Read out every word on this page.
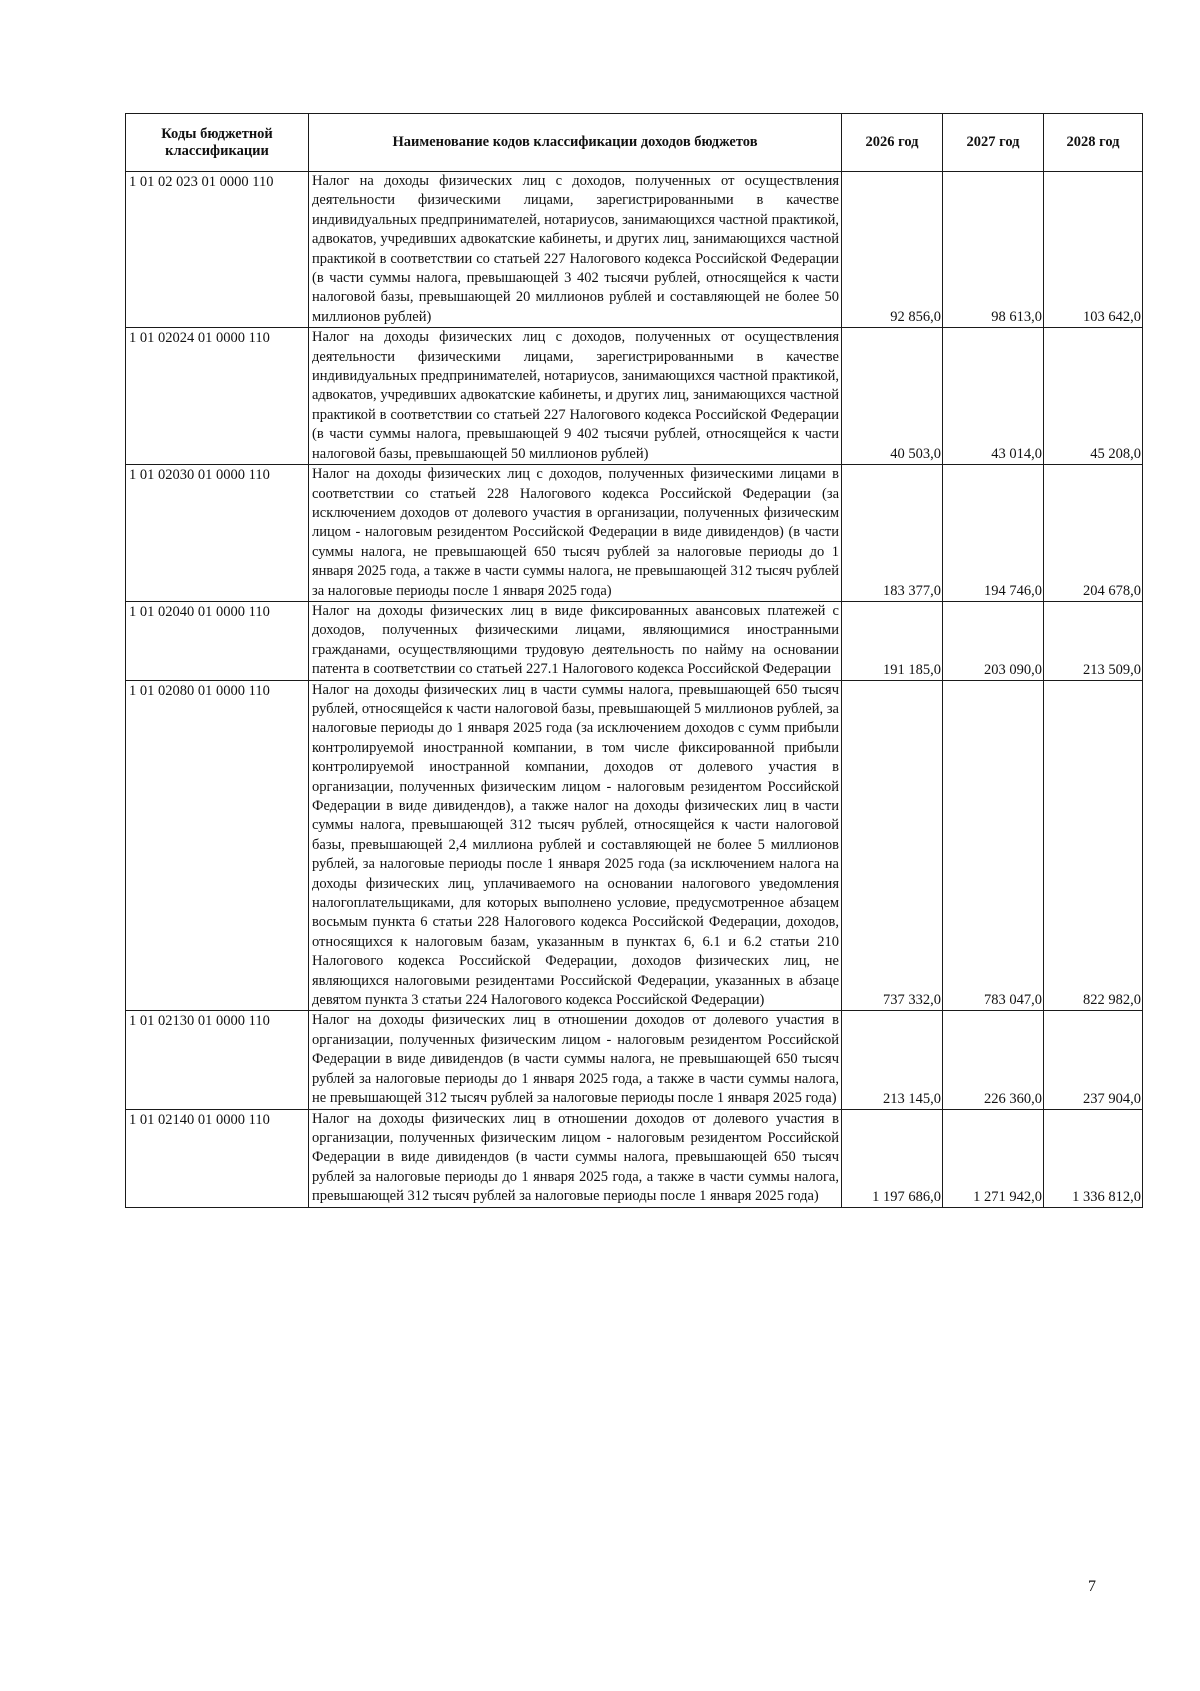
Коды бюджетной классификации	Наименование кодов классификации доходов бюджетов	2026 год	2027 год	2028 год
1 01 02 023 01 0000 110	Налог на доходы физических лиц с доходов, полученных от осуществления деятельности физическими лицами, зарегистрированными в качестве индивидуальных предпринимателей, нотариусов, занимающихся частной практикой, адвокатов, учредивших адвокатские кабинеты, и других лиц, занимающихся частной практикой в соответствии со статьей 227 Налогового кодекса Российской Федерации (в части суммы налога, превышающей 3 402 тысячи рублей, относящейся к части налоговой базы, превышающей 20 миллионов рублей и составляющей не более 50 миллионов рублей)	92 856,0	98 613,0	103 642,0
1 01 02024 01 0000 110	Налог на доходы физических лиц с доходов, полученных от осуществления деятельности физическими лицами, зарегистрированными в качестве индивидуальных предпринимателей, нотариусов, занимающихся частной практикой, адвокатов, учредивших адвокатские кабинеты, и других лиц, занимающихся частной практикой в соответствии со статьей 227 Налогового кодекса Российской Федерации (в части суммы налога, превышающей 9 402 тысячи рублей, относящейся к части налоговой базы, превышающей 50 миллионов рублей)	40 503,0	43 014,0	45 208,0
1 01 02030 01 0000 110	Налог на доходы физических лиц с доходов, полученных физическими лицами в соответствии со статьей 228 Налогового кодекса Российской Федерации (за исключением доходов от долевого участия в организации, полученных физическим лицом - налоговым резидентом Российской Федерации в виде дивидендов) (в части суммы налога, не превышающей 650 тысяч рублей за налоговые периоды до 1 января 2025 года, а также в части суммы налога, не превышающей 312 тысяч рублей за налоговые периоды после 1 января 2025 года)	183 377,0	194 746,0	204 678,0
1 01 02040 01 0000 110	Налог на доходы физических лиц в виде фиксированных авансовых платежей с доходов, полученных физическими лицами, являющимися иностранными гражданами, осуществляющими трудовую деятельность по найму на основании патента в соответствии со статьей 227.1 Налогового кодекса Российской Федерации	191 185,0	203 090,0	213 509,0
1 01 02080 01 0000 110	Налог на доходы физических лиц в части суммы налога, превышающей 650 тысяч рублей, относящейся к части налоговой базы, превышающей 5 миллионов рублей, за налоговые периоды до 1 января 2025 года (за исключением доходов с сумм прибыли контролируемой иностранной компании, в том числе фиксированной прибыли контролируемой иностранной компании, доходов от долевого участия в организации, полученных физическим лицом - налоговым резидентом Российской Федерации в виде дивидендов), а также налог на доходы физических лиц в части суммы налога, превышающей 312 тысяч рублей, относящейся к части налоговой базы, превышающей 2,4 миллиона рублей и составляющей не более 5 миллионов рублей, за налоговые периоды после 1 января 2025 года (за исключением налога на доходы физических лиц, уплачиваемого на основании налогового уведомления налогоплательщиками, для которых выполнено условие, предусмотренное абзацем восьмым пункта 6 статьи 228 Налогового кодекса Российской Федерации, доходов, относящихся к налоговым базам, указанным в пунктах 6, 6.1 и 6.2 статьи 210 Налогового кодекса Российской Федерации, доходов физических лиц, не являющихся налоговыми резидентами Российской Федерации, указанных в абзаце девятом пункта 3 статьи 224 Налогового кодекса Российской Федерации)	737 332,0	783 047,0	822 982,0
1 01 02130 01 0000 110	Налог на доходы физических лиц в отношении доходов от долевого участия в организации, полученных физическим лицом - налоговым резидентом Российской Федерации в виде дивидендов (в части суммы налога, не превышающей 650 тысяч рублей за налоговые периоды до 1 января 2025 года, а также в части суммы налога, не превышающей 312 тысяч рублей за налоговые периоды после 1 января 2025 года)	213 145,0	226 360,0	237 904,0
1 01 02140 01 0000 110	Налог на доходы физических лиц в отношении доходов от долевого участия в организации, полученных физическим лицом - налоговым резидентом Российской Федерации в виде дивидендов (в части суммы налога, превышающей 650 тысяч рублей за налоговые периоды до 1 января 2025 года, а также в части суммы налога, превышающей 312 тысяч рублей за налоговые периоды после 1 января 2025 года)	1 197 686,0	1 271 942,0	1 336 812,0
7
